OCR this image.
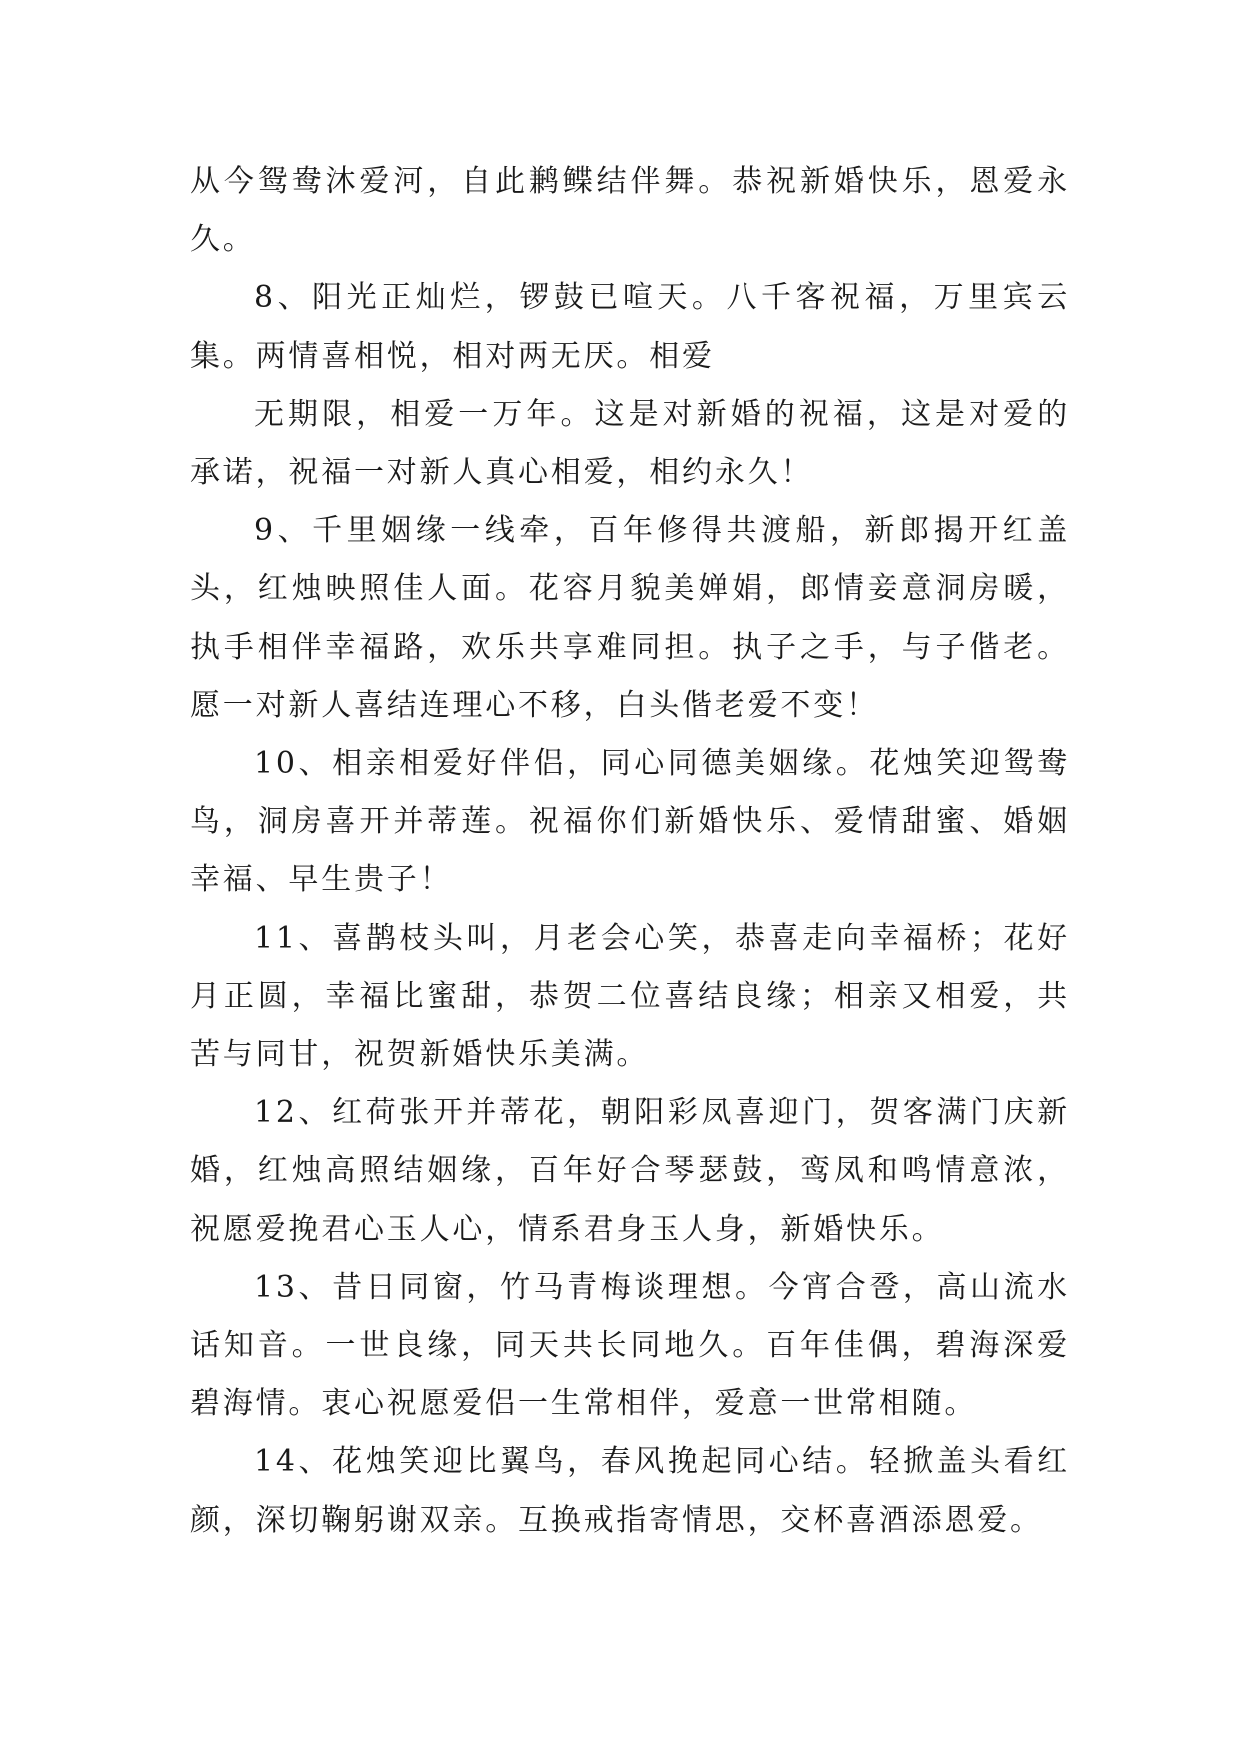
从今鸳鸯沐爱河，自此鹣鲽结伴舞。恭祝新婚快乐，恩爱永久。

8、阳光正灿烂，锣鼓已喧天。八千客祝福，万里宾云集。两情喜相悦，相对两无厌。相爱

无期限，相爱一万年。这是对新婚的祝福，这是对爱的承诺，祝福一对新人真心相爱，相约永久！

9、千里姻缘一线牵，百年修得共渡船，新郎揭开红盖头，红烛映照佳人面。花容月貌美婵娟，郎情妾意洞房暖，执手相伴幸福路，欢乐共享难同担。执子之手，与子偕老。愿一对新人喜结连理心不移，白头偕老爱不变！

10、相亲相爱好伴侣，同心同德美姻缘。花烛笑迎鸳鸯鸟，洞房喜开并蒂莲。祝福你们新婚快乐、爱情甜蜜、婚姻幸福、早生贵子！

11、喜鹊枝头叫，月老会心笑，恭喜走向幸福桥；花好月正圆，幸福比蜜甜，恭贺二位喜结良缘；相亲又相爱，共苦与同甘，祝贺新婚快乐美满。

12、红荷张开并蒂花，朝阳彩凤喜迎门，贺客满门庆新婚，红烛高照结姻缘，百年好合琴瑟鼓，鸾凤和鸣情意浓，祝愿爱挽君心玉人心，情系君身玉人身，新婚快乐。

13、昔日同窗，竹马青梅谈理想。今宵合卺，高山流水话知音。一世良缘，同天共长同地久。百年佳偶，碧海深爱碧海情。衷心祝愿爱侣一生常相伴，爱意一世常相随。

14、花烛笑迎比翼鸟，春风挽起同心结。轻掀盖头看红颜，深切鞠躬谢双亲。互换戒指寄情思，交杯喜酒添恩爱。
